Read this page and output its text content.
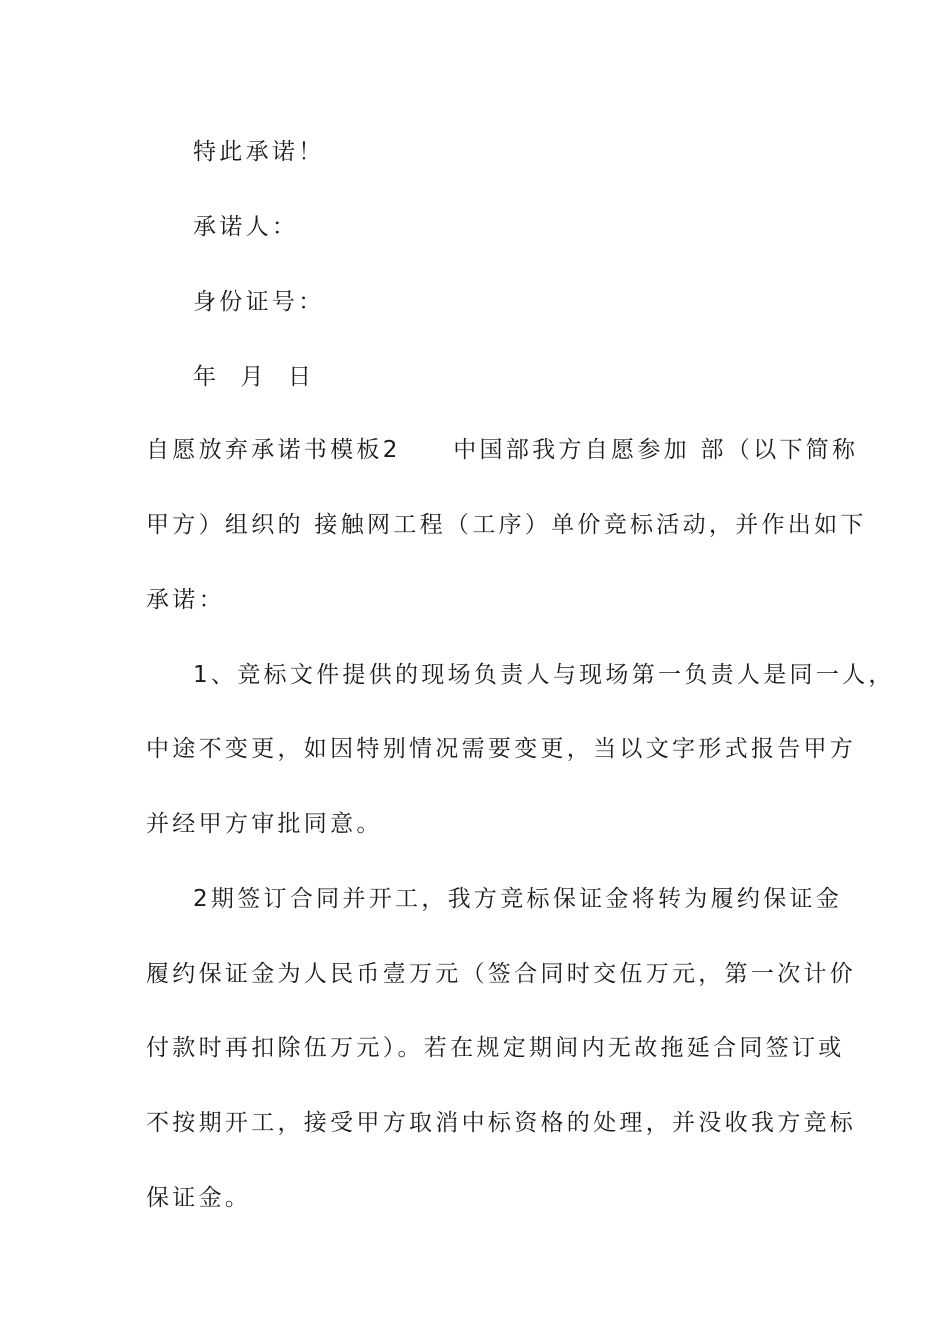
特此承诺！
承诺人：
身份证号：
年  月  日
自愿放弃承诺书模板2　　中国部我方自愿参加 部（以下简称
甲方）组织的 接触网工程（工序）单价竞标活动，并作出如下
承诺：
1、竞标文件提供的现场负责人与现场第一负责人是同一人，
中途不变更，如因特别情况需要变更，当以文字形式报告甲方
并经甲方审批同意。
2期签订合同并开工，我方竞标保证金将转为履约保证金
履约保证金为人民币壹万元（签合同时交伍万元，第一次计价
付款时再扣除伍万元）。若在规定期间内无故拖延合同签订或
不按期开工，接受甲方取消中标资格的处理，并没收我方竞标
保证金。
